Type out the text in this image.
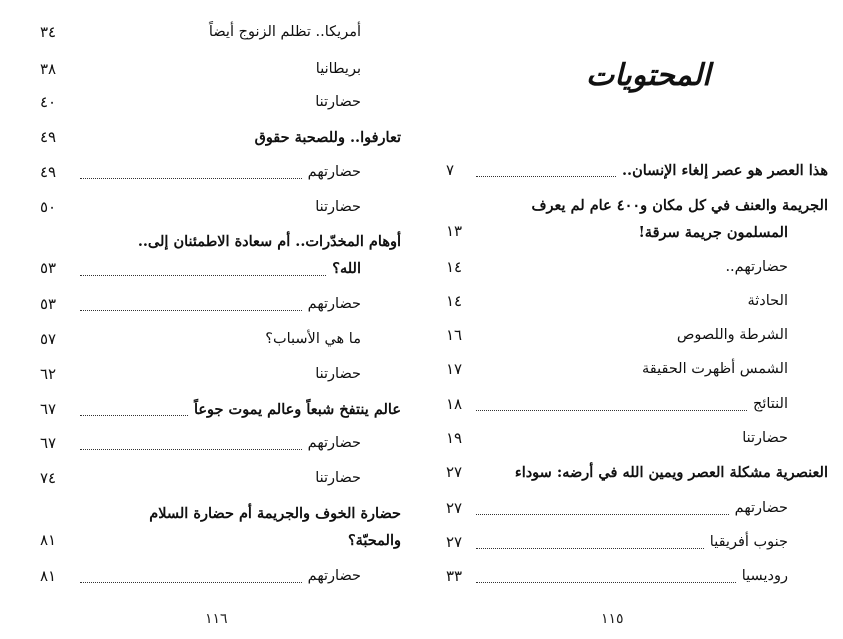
أمريكا.. تظلم الزنوج أيضاً
٣٤
بريطانيا
٣٨
حضارتنا
٤٠
تعارفوا.. وللصحبة حقوق
٤٩
حضارتهم
٤٩
حضارتنا
٥٠
أوهام المخدّرات.. أم سعادة الاطمئنان إلى..
الله؟
٥٣
حضارتهم
٥٣
ما هي الأسباب؟
٥٧
حضارتنا
٦٢
عالم ينتفخ شبعاً وعالم يموت جوعاً
٦٧
حضارتهم
٦٧
حضارتنا
٧٤
حضارة الخوف والجريمة أم حضارة السلام
والمحبّة؟
٨١
حضارتهم
٨١
١١٦
المحتويات
هذا العصر هو عصر إلغاء الإنسان..
٧
الجريمة والعنف في كل مكان و٤٠٠ عام لم يعرف
المسلمون جريمة سرقة!
١٣
حضارتهم..
١٤
الحادثة
١٤
الشرطة واللصوص
١٦
الشمس أظهرت الحقيقة
١٧
النتائج
١٨
حضارتنا
١٩
العنصرية مشكلة العصر ويمين الله في أرضه: سوداء
٢٧
حضارتهم
٢٧
جنوب أفريقيا
٢٧
روديسيا
٣٣
١١٥
